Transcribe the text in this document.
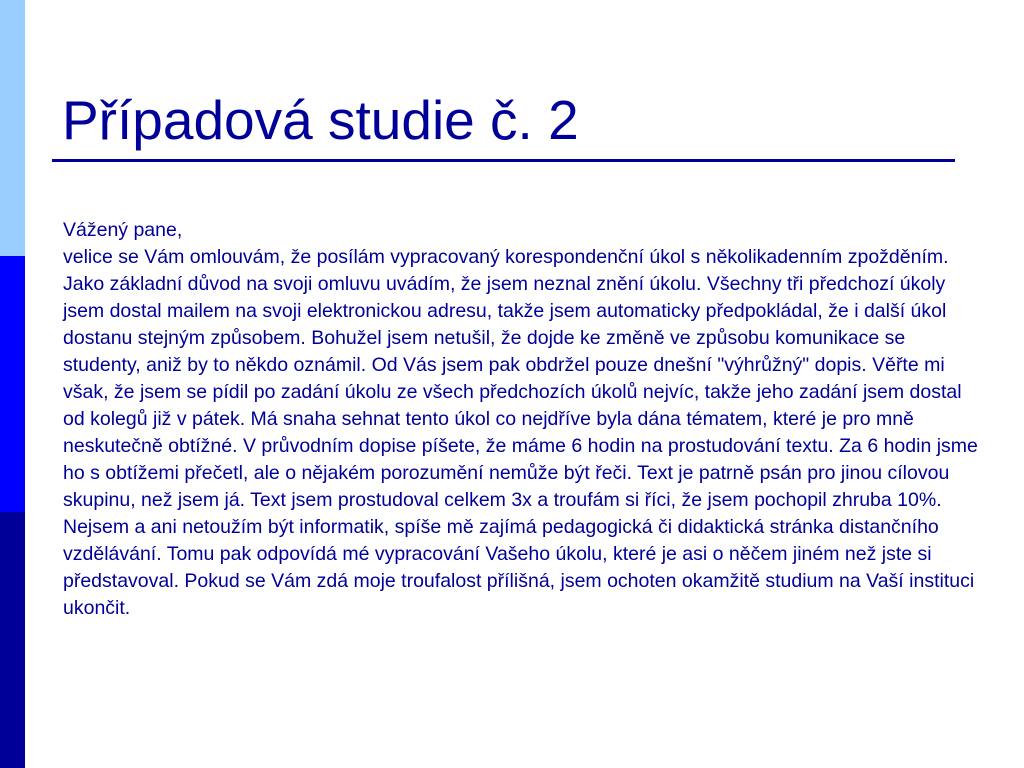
Případová studie č. 2

Vážený pane,

velice se Vám omlouvám, že posílám vypracovaný korespondenční úkol s několikadenním zpožděním.

Jako základní důvod na svoji omluvu uvádím, že jsem neznal znění úkolu. Všechny tři předchozí úkoly jsem dostal mailem na svoji elektronickou adresu, takže jsem automaticky předpokládal, že i další úkol dostanu stejným způsobem. Bohužel jsem netušil, že dojde ke změně ve způsobu komunikace se studenty, aniž by to někdo oznámil. Od Vás jsem pak obdržel pouze dnešní "výhrůžný" dopis. Věřte mi však, že jsem se pídil po zadání úkolu ze všech předchozích úkolů nejvíc, takže jeho zadání jsem dostal od kolegů již v pátek. Má snaha sehnat tento úkol co nejdříve byla dána tématem, které je pro mně neskutečně obtížné. V průvodním dopise píšete, že máme 6 hodin na prostudování textu. Za 6 hodin jsme ho s obtížemi přečetl, ale o nějakém porozumění nemůže být řeči. Text je patrně psán pro jinou cílovou skupinu, než jsem já. Text jsem prostudoval celkem 3x a troufám si říci, že jsem pochopil zhruba 10%. Nejsem a ani netoužím být informatik, spíše mě zajímá pedagogická či didaktická stránka distančního vzdělávání. Tomu pak odpovídá mé vypracování Vašeho úkolu, které je asi o něčem jiném než jste si představoval. Pokud se Vám zdá moje troufalost přílišná, jsem ochoten okamžitě studium na Vaší instituci ukončit.
